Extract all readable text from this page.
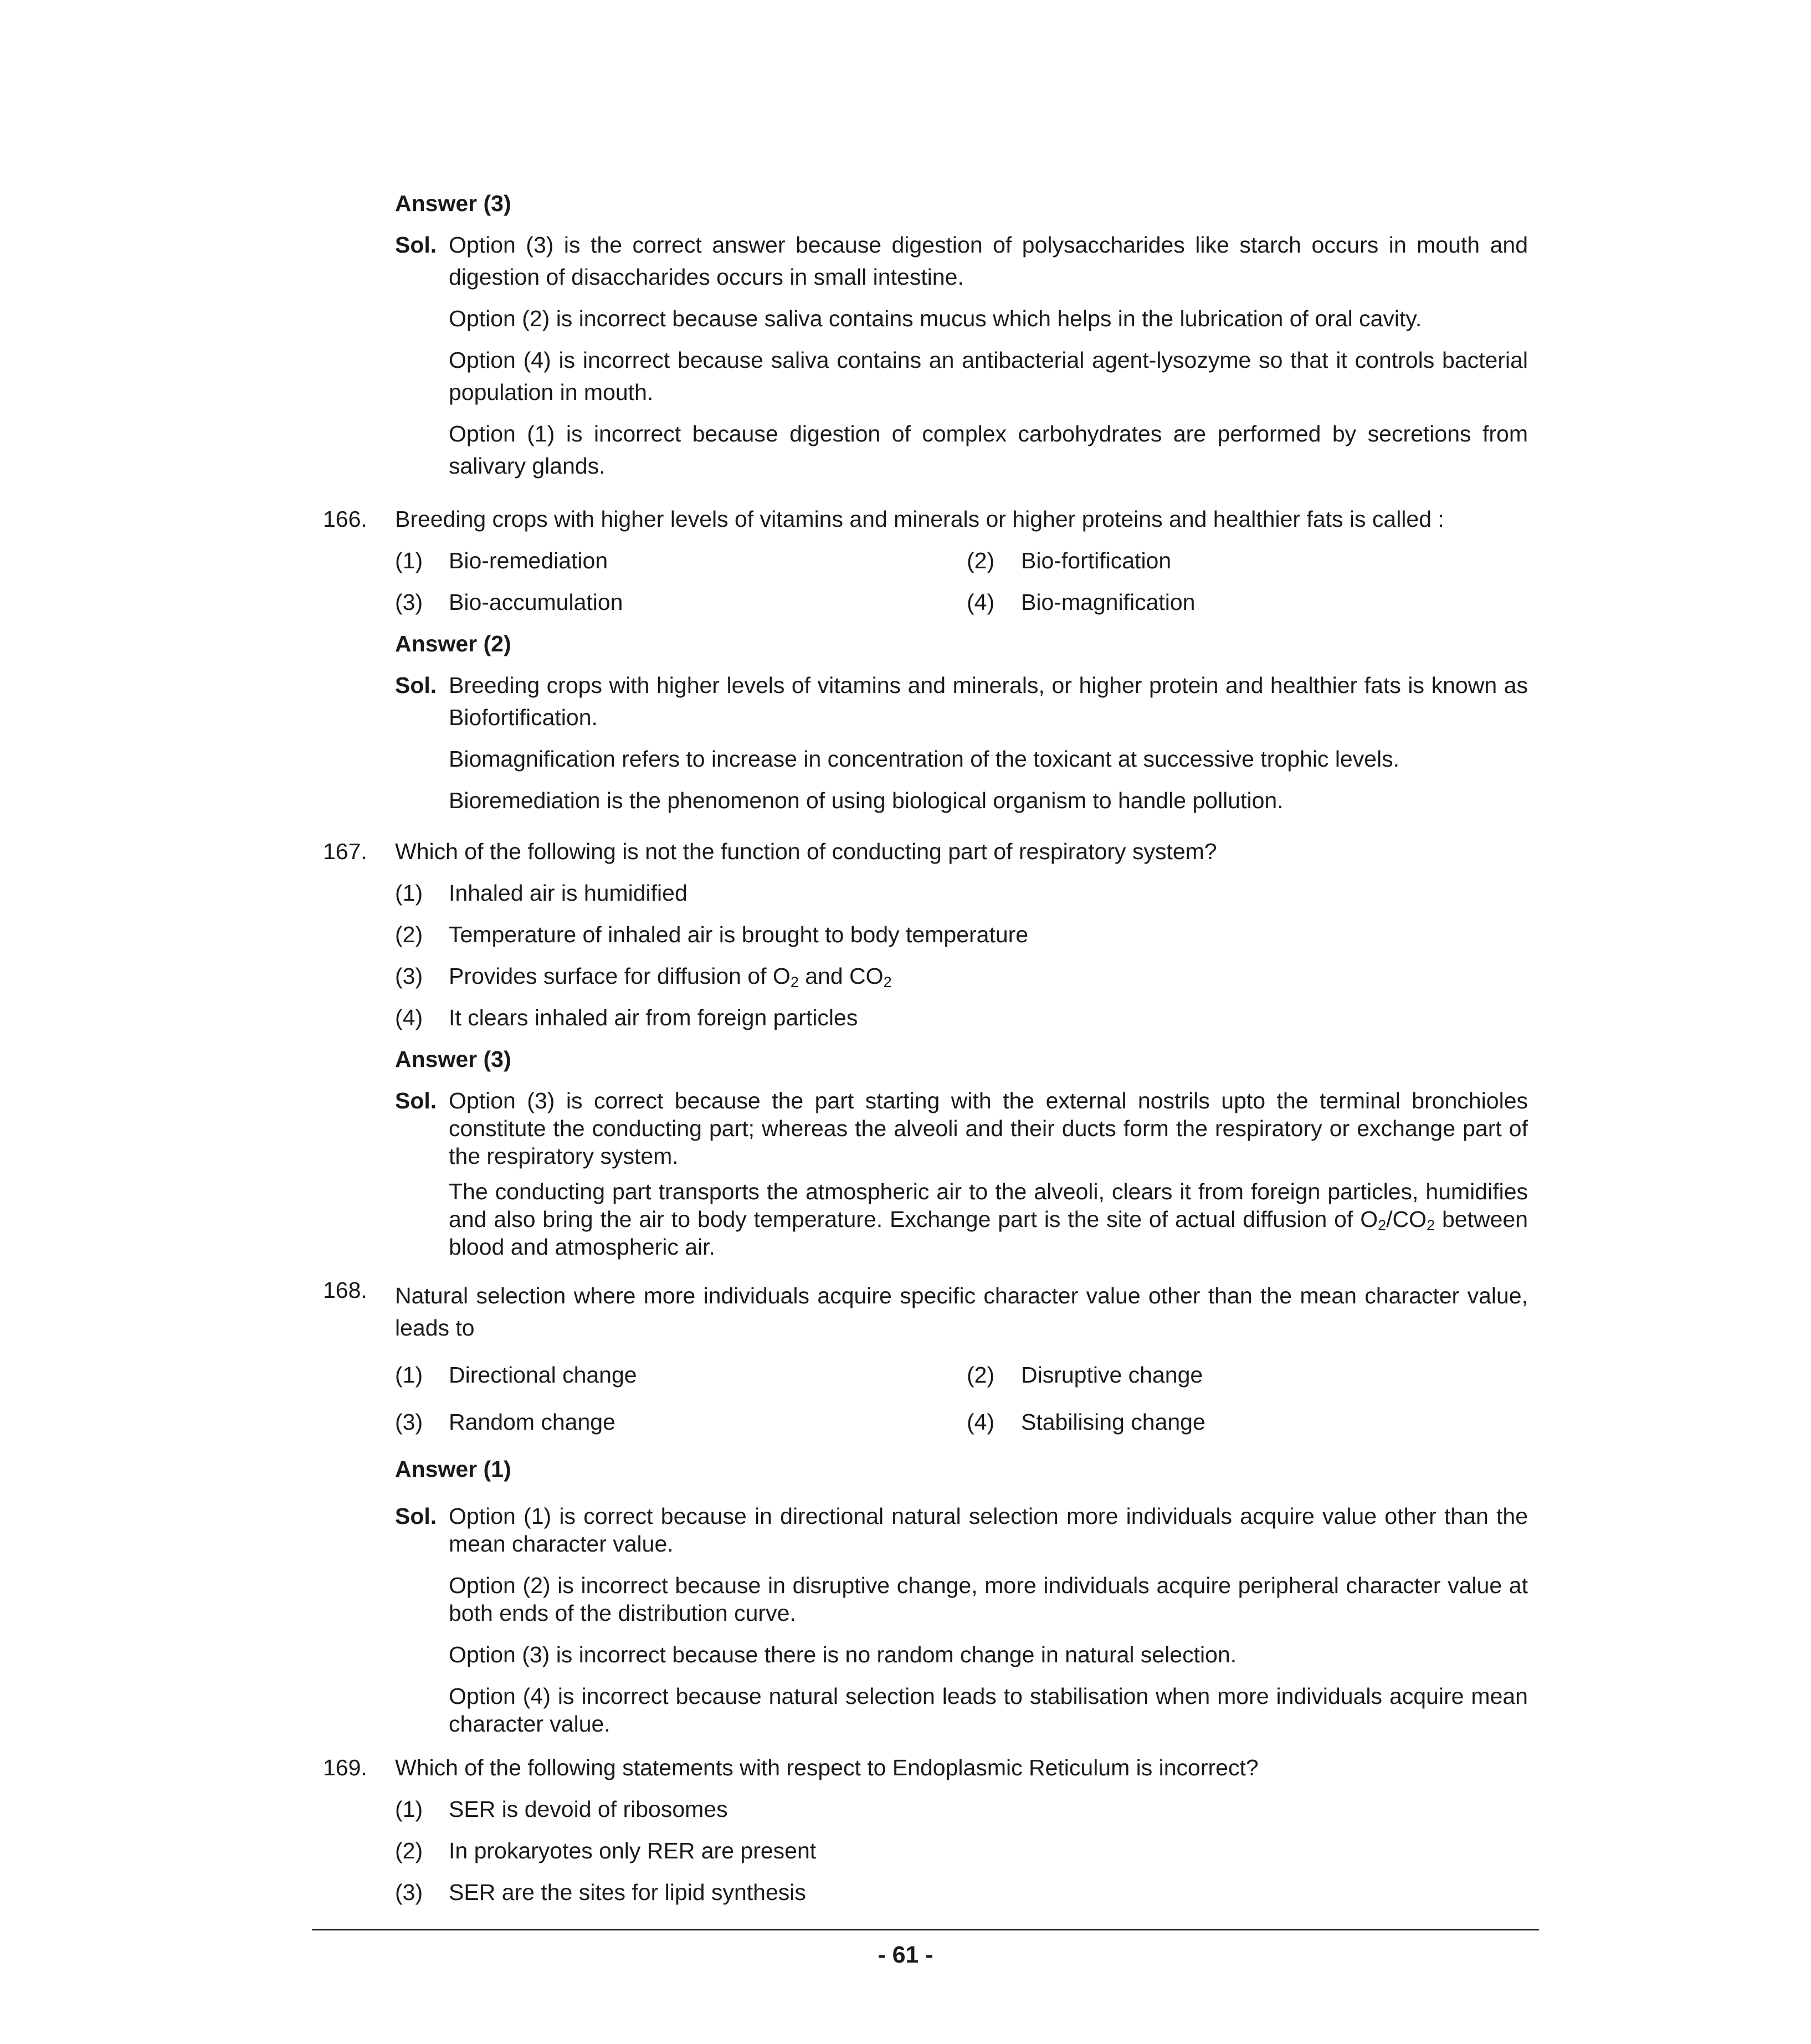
Answer (3)
Sol. Option (3) is the correct answer because digestion of polysaccharides like starch occurs in mouth and digestion of disaccharides occurs in small intestine.
Option (2) is incorrect because saliva contains mucus which helps in the lubrication of oral cavity.
Option (4) is incorrect because saliva contains an antibacterial agent-lysozyme so that it controls bacterial population in mouth.
Option (1) is incorrect because digestion of complex carbohydrates are performed by secretions from salivary glands.
166. Breeding crops with higher levels of vitamins and minerals or higher proteins and healthier fats is called :
(1) Bio-remediation	(2) Bio-fortification
(3) Bio-accumulation	(4) Bio-magnification
Answer (2)
Sol. Breeding crops with higher levels of vitamins and minerals, or higher protein and healthier fats is known as Biofortification.
Biomagnification refers to increase in concentration of the toxicant at successive trophic levels.
Bioremediation is the phenomenon of using biological organism to handle pollution.
167. Which of the following is not the function of conducting part of respiratory system?
(1) Inhaled air is humidified
(2) Temperature of inhaled air is brought to body temperature
(3) Provides surface for diffusion of $O_2$ and $CO_2$
(4) It clears inhaled air from foreign particles
Answer (3)
Sol. Option (3) is correct because the part starting with the external nostrils upto the terminal bronchioles constitute the conducting part; whereas the alveoli and their ducts form the respiratory or exchange part of the respiratory system.
The conducting part transports the atmospheric air to the alveoli, clears it from foreign particles, humidifies and also bring the air to body temperature. Exchange part is the site of actual diffusion of $O_2/CO_2$ between blood and atmospheric air.
168. Natural selection where more individuals acquire specific character value other than the mean character value, leads to
(1) Directional change	(2) Disruptive change
(3) Random change	(4) Stabilising change
Answer (1)
Sol. Option (1) is correct because in directional natural selection more individuals acquire value other than the mean character value.
Option (2) is incorrect because in disruptive change, more individuals acquire peripheral character value at both ends of the distribution curve.
Option (3) is incorrect because there is no random change in natural selection.
Option (4) is incorrect because natural selection leads to stabilisation when more individuals acquire mean character value.
169. Which of the following statements with respect to Endoplasmic Reticulum is incorrect?
(1) SER is devoid of ribosomes
(2) In prokaryotes only RER are present
(3) SER are the sites for lipid synthesis
- 61 -
